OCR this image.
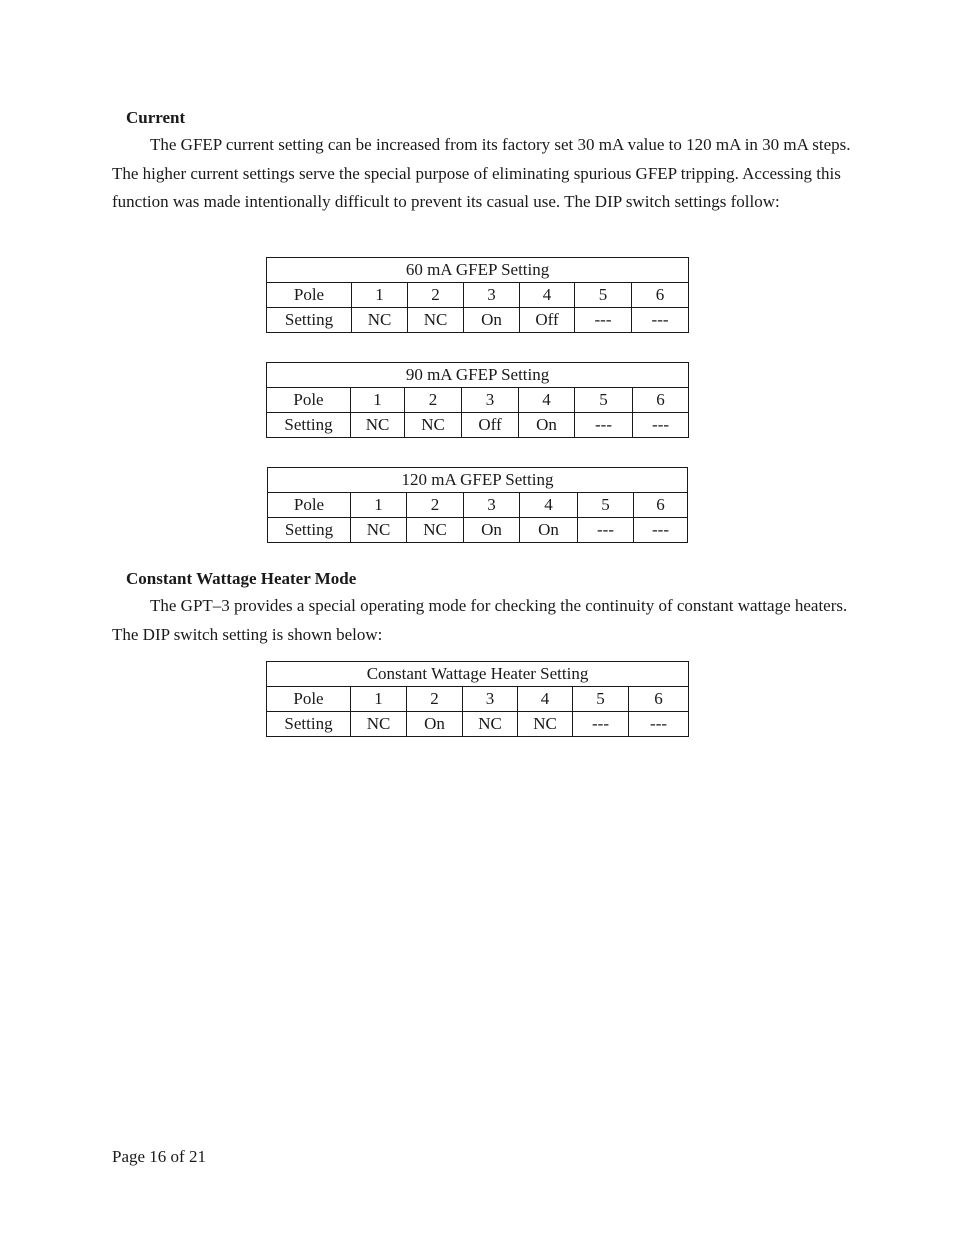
Current

The GFEP current setting can be increased from its factory set 30 mA value to 120 mA in 30 mA steps. The higher current settings serve the special purpose of eliminating spurious GFEP tripping. Accessing this function was made intentionally difficult to prevent its casual use. The DIP switch settings follow:

60 mA GFEP Setting						
Pole	1	2	3	4	5	6
Setting	NC	NC	On	Off	---	---
90 mA GFEP Setting						
Pole	1	2	3	4	5	6
Setting	NC	NC	Off	On	---	---
120 mA GFEP Setting						
Pole	1	2	3	4	5	6
Setting	NC	NC	On	On	---	---
Constant Wattage Heater Mode

The GPT–3 provides a special operating mode for checking the continuity of constant wattage heaters. The DIP switch setting is shown below:

Constant Wattage Heater Setting						
Pole	1	2	3	4	5	6
Setting	NC	On	NC	NC	---	---
Page 16 of 21
